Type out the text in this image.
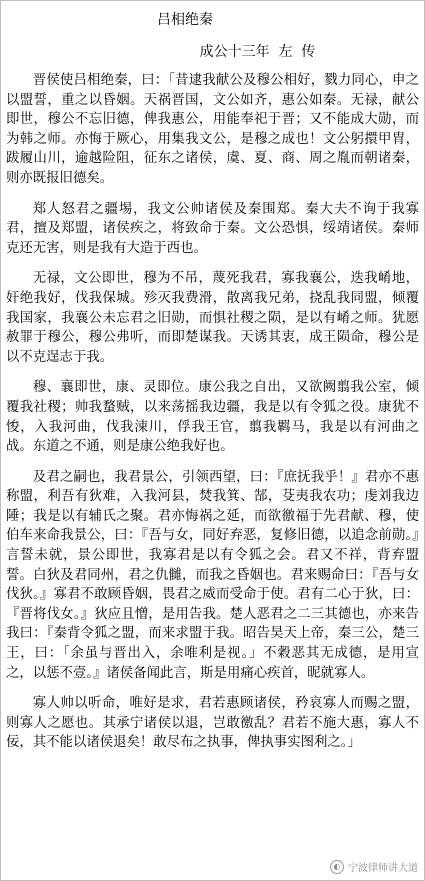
吕相绝秦
成公十三年  左  传

晋侯使吕相绝秦，曰：「昔逮我献公及穆公相好，戮力同心，申之以盟誓，重之以昏姻。天祸晋国，文公如齐，惠公如秦。无禄，献公即世，穆公不忘旧德，俾我惠公，用能奉祀于晋；又不能成大勋，而为韩之师。亦悔于厥心，用集我文公，是穆之成也！文公躬擐甲胄，跋履山川，逾越险阻，征东之诸侯，虞、夏、商、周之胤而朝诸秦，则亦既报旧德矣。

郑人怒君之疆埸，我文公帅诸侯及秦围郑。秦大夫不询于我寡君，擅及郑盟，诸侯疾之，将致命于秦。文公恐惧，绥靖诸侯。秦师克还无害，则是我有大造于西也。

无禄，文公即世，穆为不吊，蔑死我君，寡我襄公，迭我崤地，奸绝我好，伐我保城。殄灭我费滑，散离我兄弟，挠乱我同盟，倾覆我国家，我襄公未忘君之旧勋，而惧社稷之陨，是以有崤之师。犹愿赦罪于穆公，穆公弗听，而即楚谋我。天诱其衷，成王陨命，穆公是以不克逞志于我。

穆、襄即世，康、灵即位。康公我之自出，又欲阙翦我公室，倾覆我社稷；帅我蝥贼，以来荡摇我边疆，我是以有令狐之役。康犹不悛，入我河曲，伐我涑川，俘我王官，翦我羁马，我是以有河曲之战。东道之不通，则是康公绝我好也。

及君之嗣也，我君景公，引领西望，曰：『庶抚我乎！』君亦不惠称盟，利吾有狄难，入我河县，焚我箕、郜，芟夷我农功；虔刘我边陲；我是以有辅氏之聚。君亦悔祸之延，而欲徼福于先君献、穆，使伯车来命我景公，曰：『吾与女，同好弃恶，复修旧德，以追念前勋。』言誓未就，景公即世，我寡君是以有令狐之会。君又不祥，背弃盟誓。白狄及君同州，君之仇雠，而我之昏姻也。君来赐命曰：『吾与女伐狄。』寡君不敢顾昏姻，畏君之威而受命于使。君有二心于狄，曰：『晋将伐女。』狄应且憎，是用告我。楚人恶君之二三其德也，亦来告我曰：『秦背令狐之盟，而来求盟于我。昭告昊天上帝，秦三公，楚三王，曰：「余虽与晋出入，余唯利是视。」不穀恶其无成德，是用宣之，以惩不壹。』诸侯备闻此言，斯是用痛心疾首，昵就寡人。

寡人帅以听命，唯好是求，君若惠顾诸侯，矜哀寡人而赐之盟，则寡人之愿也。其承宁诸侯以退，岂敢徼乱？君若不施大惠，寡人不佞，其不能以诸侯退矣！敢尽布之执事，俾执事实图利之。」

◐ 宁波律师讲大道
